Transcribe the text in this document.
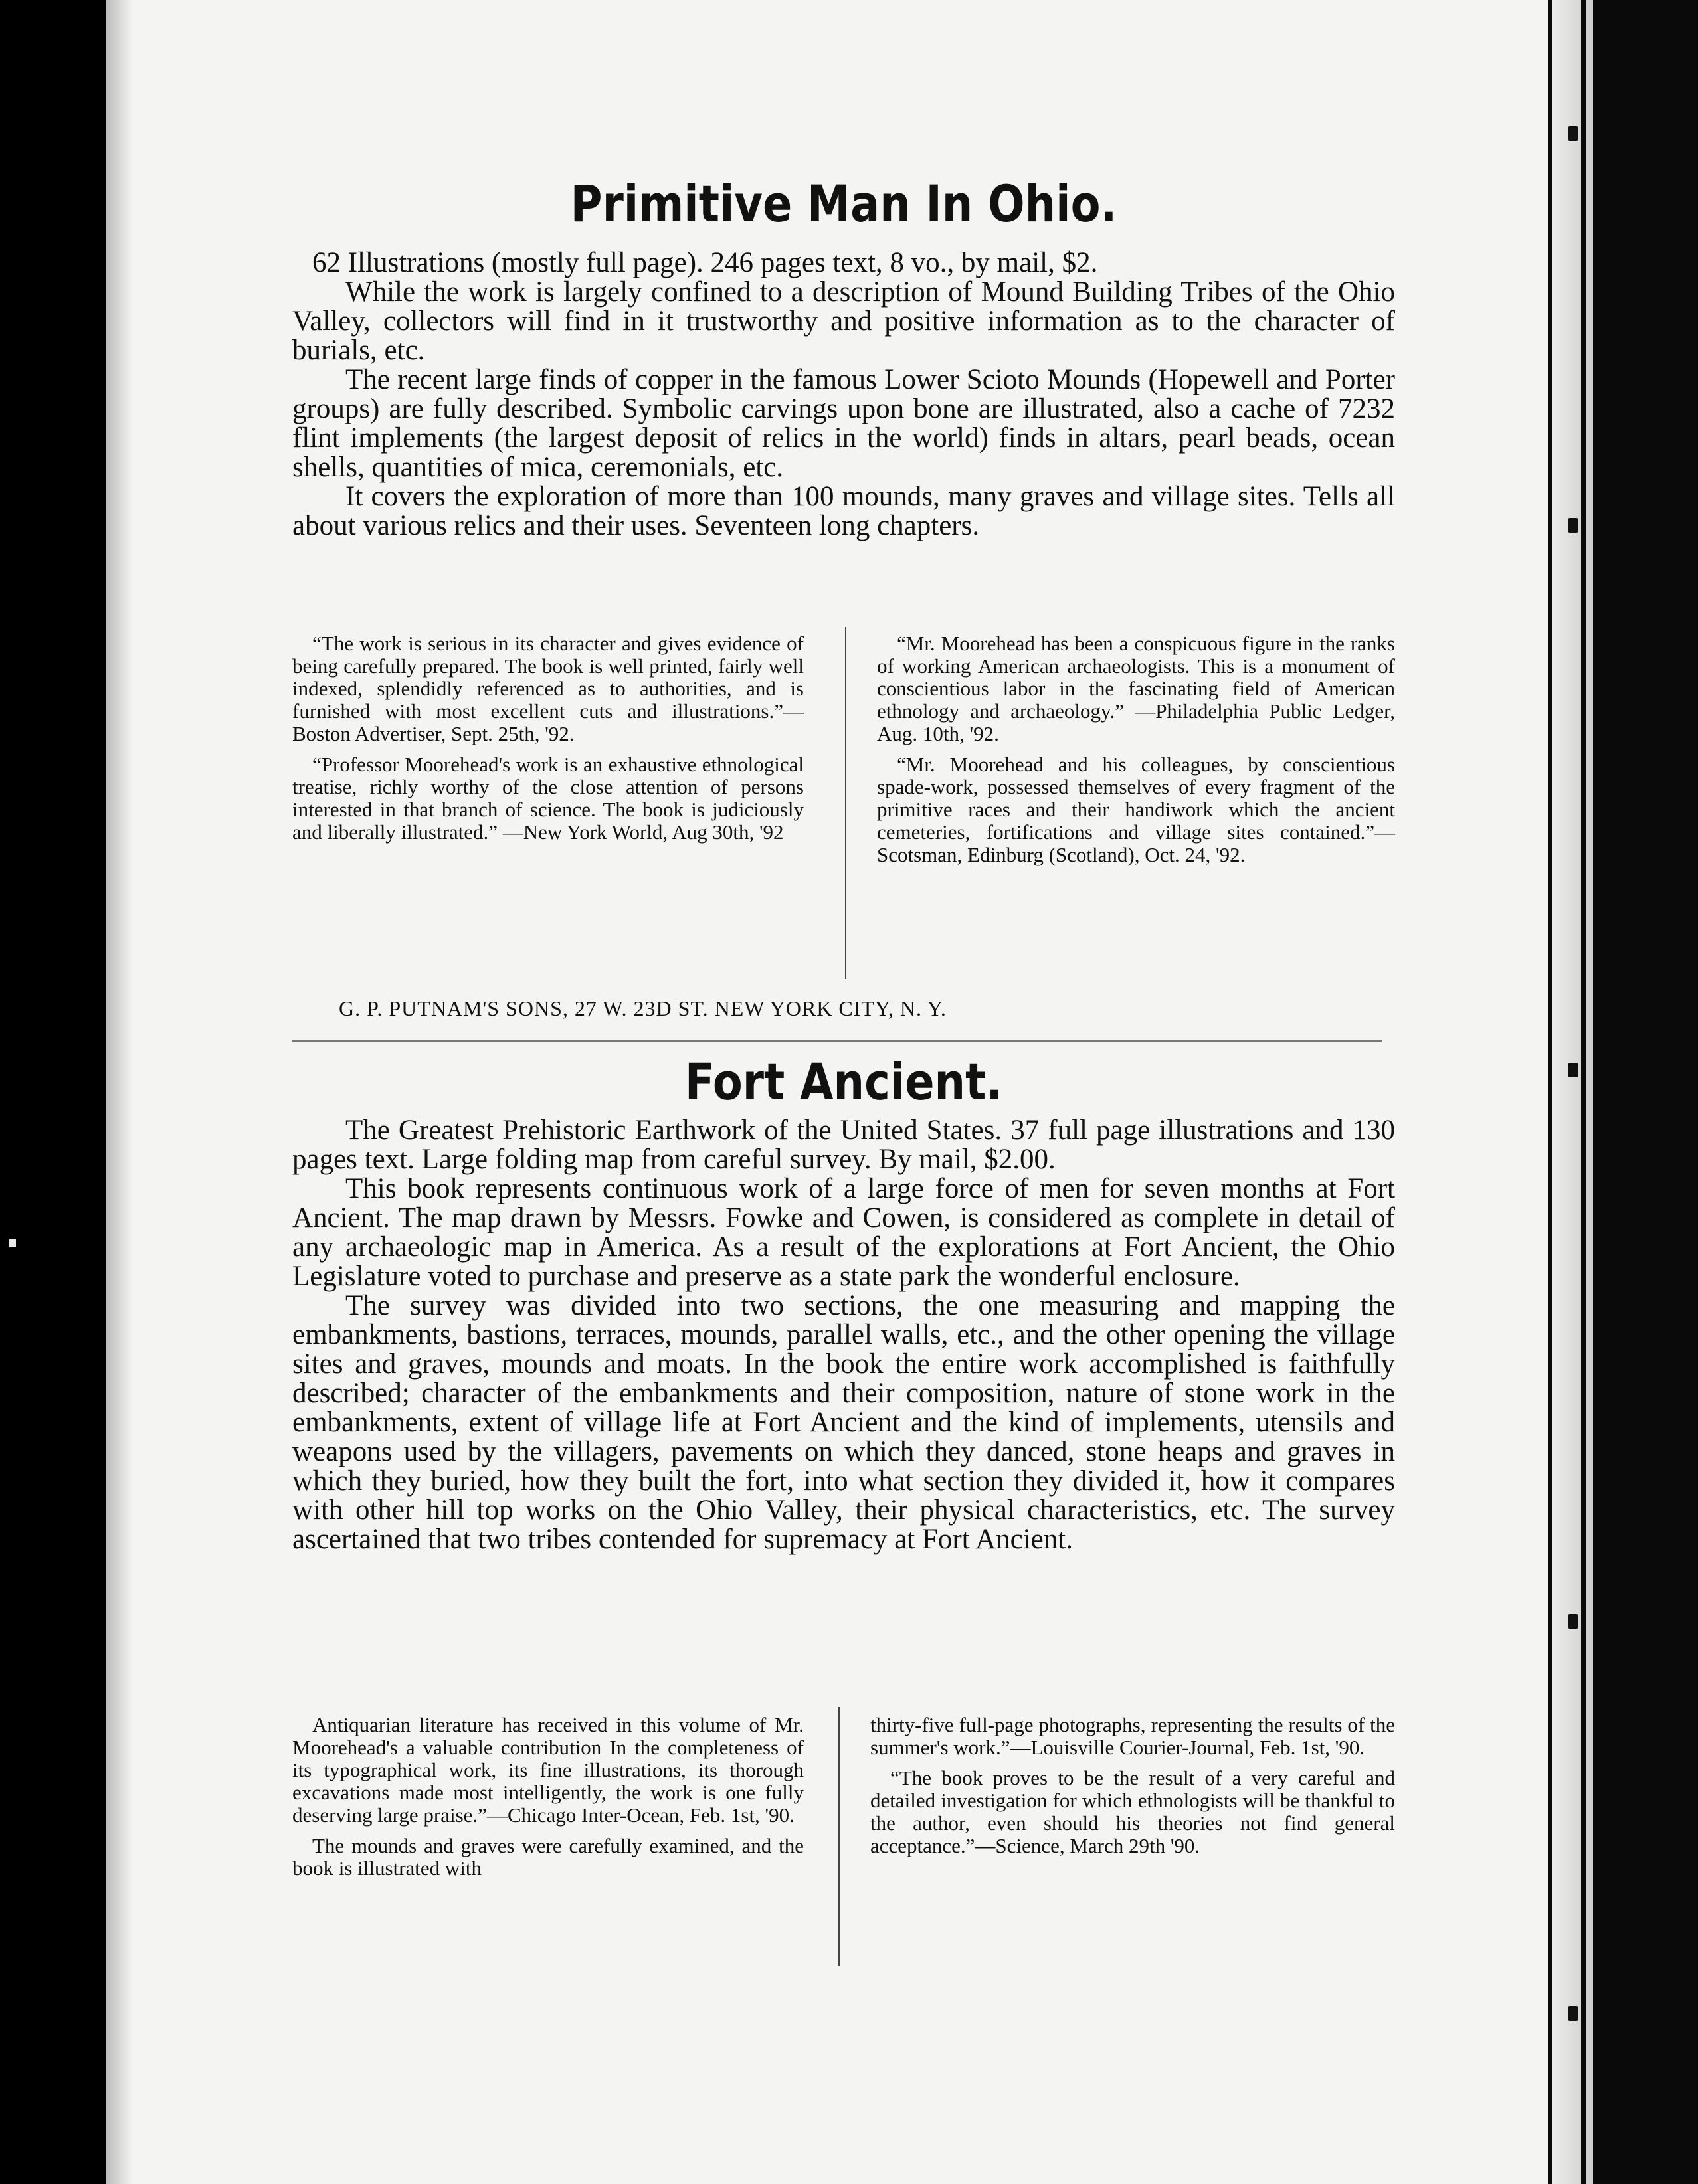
Primitive Man In Ohio.

62 Illustrations (mostly full page). 246 pages text, 8 vo., by mail, $2.

While the work is largely confined to a description of Mound Building Tribes of the Ohio Valley, collectors will find in it trustworthy and positive information as to the character of burials, etc.

The recent large finds of copper in the famous Lower Scioto Mounds (Hopewell and Porter groups) are fully described. Symbolic carvings upon bone are illustrated, also a cache of 7232 flint implements (the largest deposit of relics in the world) finds in altars, pearl beads, ocean shells, quantities of mica, ceremonials, etc.

It covers the exploration of more than 100 mounds, many graves and village sites. Tells all about various relics and their uses. Seventeen long chapters.

“The work is serious in its character and gives evidence of being carefully prepared. The book is well printed, fairly well indexed, splendidly referenced as to authorities, and is furnished with most excellent cuts and illustrations.”—Boston Advertiser, Sept. 25th, '92.

“Professor Moorehead's work is an exhaustive ethnological treatise, richly worthy of the close attention of persons interested in that branch of science. The book is judiciously and liberally illustrated.” —New York World, Aug 30th, '92

“Mr. Moorehead has been a conspicuous figure in the ranks of working American archaeologists. This is a monument of conscientious labor in the fascinating field of American ethnology and archaeology.” —Philadelphia Public Ledger, Aug. 10th, '92.

“Mr. Moorehead and his colleagues, by conscientious spade-work, possessed themselves of every fragment of the primitive races and their handiwork which the ancient cemeteries, fortifications and village sites contained.”—Scotsman, Edinburg (Scotland), Oct. 24, '92.

G. P. PUTNAM'S SONS, 27 W. 23D ST. NEW YORK CITY, N. Y.
Fort Ancient.

The Greatest Prehistoric Earthwork of the United States. 37 full page illustrations and 130 pages text. Large folding map from careful survey. By mail, $2.00.

This book represents continuous work of a large force of men for seven months at Fort Ancient. The map drawn by Messrs. Fowke and Cowen, is considered as complete in detail of any archaeologic map in America. As a result of the explorations at Fort Ancient, the Ohio Legislature voted to purchase and preserve as a state park the wonderful enclosure.

The survey was divided into two sections, the one measuring and mapping the embankments, bastions, terraces, mounds, parallel walls, etc., and the other opening the village sites and graves, mounds and moats. In the book the entire work accomplished is faithfully described; character of the embankments and their composition, nature of stone work in the embankments, extent of village life at Fort Ancient and the kind of implements, utensils and weapons used by the villagers, pavements on which they danced, stone heaps and graves in which they buried, how they built the fort, into what section they divided it, how it compares with other hill top works on the Ohio Valley, their physical characteristics, etc. The survey ascertained that two tribes contended for supremacy at Fort Ancient.

Antiquarian literature has received in this volume of Mr. Moorehead's a valuable contribution In the completeness of its typographical work, its fine illustrations, its thorough excavations made most intelligently, the work is one fully deserving large praise.”—Chicago Inter-Ocean, Feb. 1st, '90.

The mounds and graves were carefully examined, and the book is illustrated with

thirty-five full-page photographs, representing the results of the summer's work.”—Louisville Courier-Journal, Feb. 1st, '90.

“The book proves to be the result of a very careful and detailed investigation for which ethnologists will be thankful to the author, even should his theories not find general acceptance.”—Science, March 29th '90.
